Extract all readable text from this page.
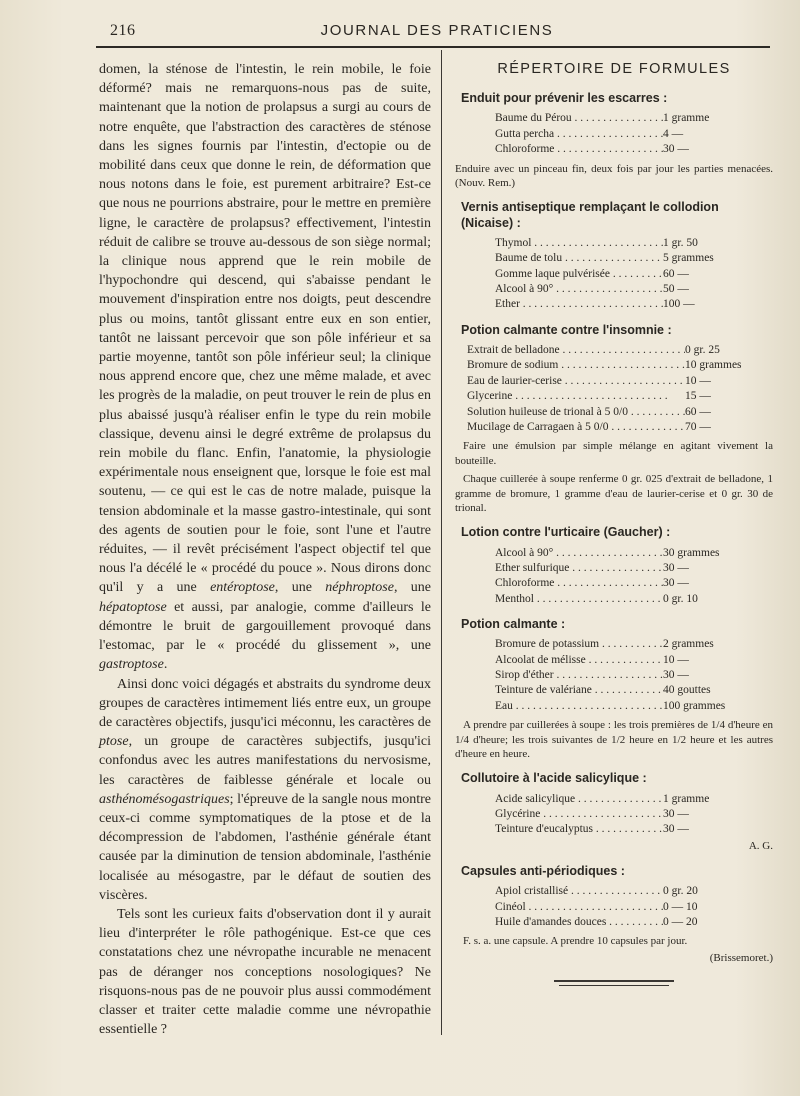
216	JOURNAL DES PRATICIENS

domen, la sténose de l'intestin, le rein mobile, le foie déformé? mais ne remarquons-nous pas de suite, maintenant que la notion de prolapsus a surgi au cours de notre enquête, que l'abstraction des caractères de sténose dans les signes fournis par l'intestin, d'ectopie ou de mobilité dans ceux que donne le rein, de déformation que nous notons dans le foie, est purement arbitraire? Est-ce que nous ne pourrions abstraire, pour le mettre en première ligne, le caractère de prolapsus? effectivement, l'intestin réduit de calibre se trouve au-dessous de son siège normal; la clinique nous apprend que le rein mobile de l'hypochondre qui descend, qui s'abaisse pendant le mouvement d'inspiration entre nos doigts, peut descendre plus ou moins, tantôt glissant entre eux en son entier, tantôt ne laissant percevoir que son pôle inférieur et sa partie moyenne, tantôt son pôle inférieur seul; la clinique nous apprend encore que, chez une même malade, et avec les progrès de la maladie, on peut trouver le rein de plus en plus abaissé jusqu'à réaliser enfin le type du rein mobile classique, devenu ainsi le degré extrême de prolapsus du rein mobile du flanc. Enfin, l'anatomie, la physiologie expérimentale nous enseignent que, lorsque le foie est mal soutenu, — ce qui est le cas de notre malade, puisque la tension abdominale et la masse gastro-intestinale, qui sont des agents de soutien pour le foie, sont l'une et l'autre réduites, — il revêt précisément l'aspect objectif tel que nous l'a décélé le « procédé du pouce ». Nous dirons donc qu'il y a une entéroptose, une néphroptose, une hépatoptose et aussi, par analogie, comme d'ailleurs le démontre le bruit de gargouillement provoqué dans l'estomac, par le « procédé du glissement », une gastroptose.

Ainsi donc voici dégagés et abstraits du syndrome deux groupes de caractères intimement liés entre eux, un groupe de caractères objectifs, jusqu'ici méconnu, les caractères de ptose, un groupe de caractères subjectifs, jusqu'ici confondus avec les autres manifestations du nervosisme, les caractères de faiblesse générale et locale ou asthénomésogastriques; l'épreuve de la sangle nous montre ceux-ci comme symptomatiques de la ptose et de la décompression de l'abdomen, l'asthénie générale étant causée par la diminution de tension abdominale, l'asthénie localisée au mésogastre, par le défaut de soutien des viscères.

Tels sont les curieux faits d'observation dont il y aurait lieu d'interpréter le rôle pathogénique. Est-ce que ces constatations chez une névropathe incurable ne menacent pas de déranger nos conceptions nosologiques? Ne risquons-nous pas de ne pouvoir plus aussi commodément classer et traiter cette maladie comme une névropathie essentielle ?

RÉPERTOIRE DE FORMULES
Enduit pour prévenir les escarres :
Baume du Pérou . . .	1 gramme
Gutta percha . . .	4 —
Chloroforme . . .	30 —
Enduire avec un pinceau fin, deux fois par jour les parties menacées. (Nouv. Rem.)
Vernis antiseptique remplaçant le collodion (Nicaise) :
Thymol . . .	1 gr. 50
Baume de tolu . . .	5 grammes
Gomme laque pulvérisée . . .	60 —
Alcool à 90° . . .	50 —
Ether . . .	100 —
Potion calmante contre l'insomnie :
Extrait de belladone . . .	0 gr. 25
Bromure de sodium . . .	10 grammes
Eau de laurier-cerise . . .	10 —
Glycerine . . .	15 —
Solution huileuse de trional à 5 0/0 . . .	60 —
Mucilage de Carragaen à 5 0/0 . . .	70 —
Faire une émulsion par simple mélange en agitant vivement la bouteille.
Chaque cuillerée à soupe renferme 0 gr. 025 d'extrait de belladone, 1 gramme de bromure, 1 gramme d'eau de laurier-cerise et 0 gr. 30 de trional.
Lotion contre l'urticaire (Gaucher) :
Alcool à 90° . . .	30 grammes
Ether sulfurique . . .	30 —
Chloroforme . . .	30 —
Menthol . . .	0 gr. 10
Potion calmante :
Bromure de potassium . . .	2 grammes
Alcoolat de mélisse . . .	10 —
Sirop d'éther . . .	30 —
Teinture de valériane . . .	40 gouttes
Eau . . .	100 grammes
A prendre par cuillerées à soupe : les trois premières de 1/4 d'heure en 1/4 d'heure; les trois suivantes de 1/2 heure en 1/2 heure et les autres d'heure en heure.
Collutoire à l'acide salicylique :
Acide salicylique . . .	1 gramme
Glycérine . . .	30 —
Teinture d'eucalyptus . . .	30 —
A. G.
Capsules anti-périodiques :
Apiol cristallisé . . .	0 gr. 20
Cinéol . . .	0 — 10
Huile d'amandes douces . . .	0 — 20
F. s. a. une capsule. A prendre 10 capsules par jour.
(Brissemoret.)
